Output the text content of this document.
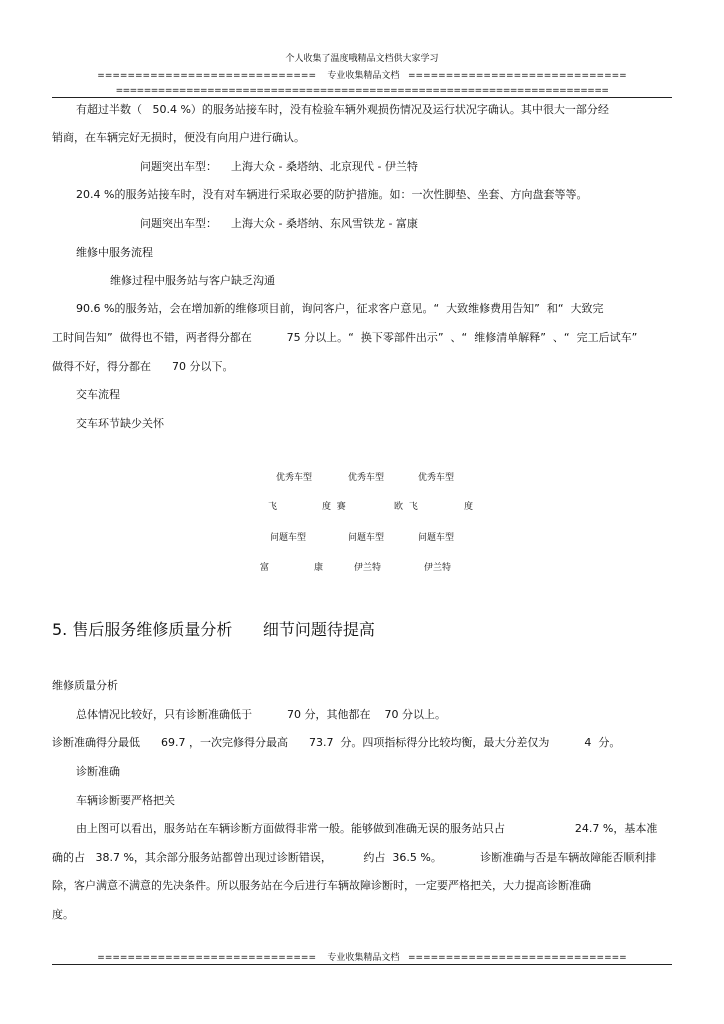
个人收集了温度哦精品文档供大家学习
=============================    专业收集精品文档   =============================
======================================================================
有超过半数（   50.4 %）的服务站接车时，没有检验车辆外观损伤情况及运行状况字确认。其中很大一部分经
销商，在车辆完好无损时，便没有向用户进行确认。
问题突出车型：    上海大众 - 桑塔纳、北京现代 - 伊兰特
20.4 %的服务站接车时，没有对车辆进行采取必要的防护措施。如：一次性脚垫、坐套、方向盘套等等。
问题突出车型：    上海大众 - 桑塔纳、东风雪铁龙 - 富康
维修中服务流程
维修过程中服务站与客户缺乏沟通
90.6 %的服务站，会在增加新的维修项目前，询问客户，征求客户意见。“  大致维修费用告知”  和“  大致完
工时间告知”  做得也不错，两者得分都在          75 分以上。“  换下零部件出示”  、“  维修清单解释”  、“  完工后试车”
做得不好，得分都在      70 分以下。
交车流程
交车环节缺少关怀
优秀车型	优秀车型	优秀车型
飞	度  赛	欧  飞	度
问题车型	问题车型	问题车型
富	康	伊兰特	伊兰特
5. 售后服务维修质量分析      细节问题待提高
维修质量分析
总体情况比较好，只有诊断准确低于          70 分，其他都在    70 分以上。
诊断准确得分最低      69.7 ，一次完修得分最高      73.7  分。四项指标得分比较均衡，最大分差仅为          4  分。
诊断准确
车辆诊断要严格把关
由上图可以看出，服务站在车辆诊断方面做得非常一般。能够做到准确无误的服务站只占                    24.7 %，基本准
确的占   38.7 %，其余部分服务站都曾出现过诊断错误，         约占  36.5 %。           诊断准确与否是车辆故障能否顺利排
除，客户满意不满意的先决条件。所以服务站在今后进行车辆故障诊断时，一定要严格把关，大力提高诊断准确
度。
=============================    专业收集精品文档   =============================
